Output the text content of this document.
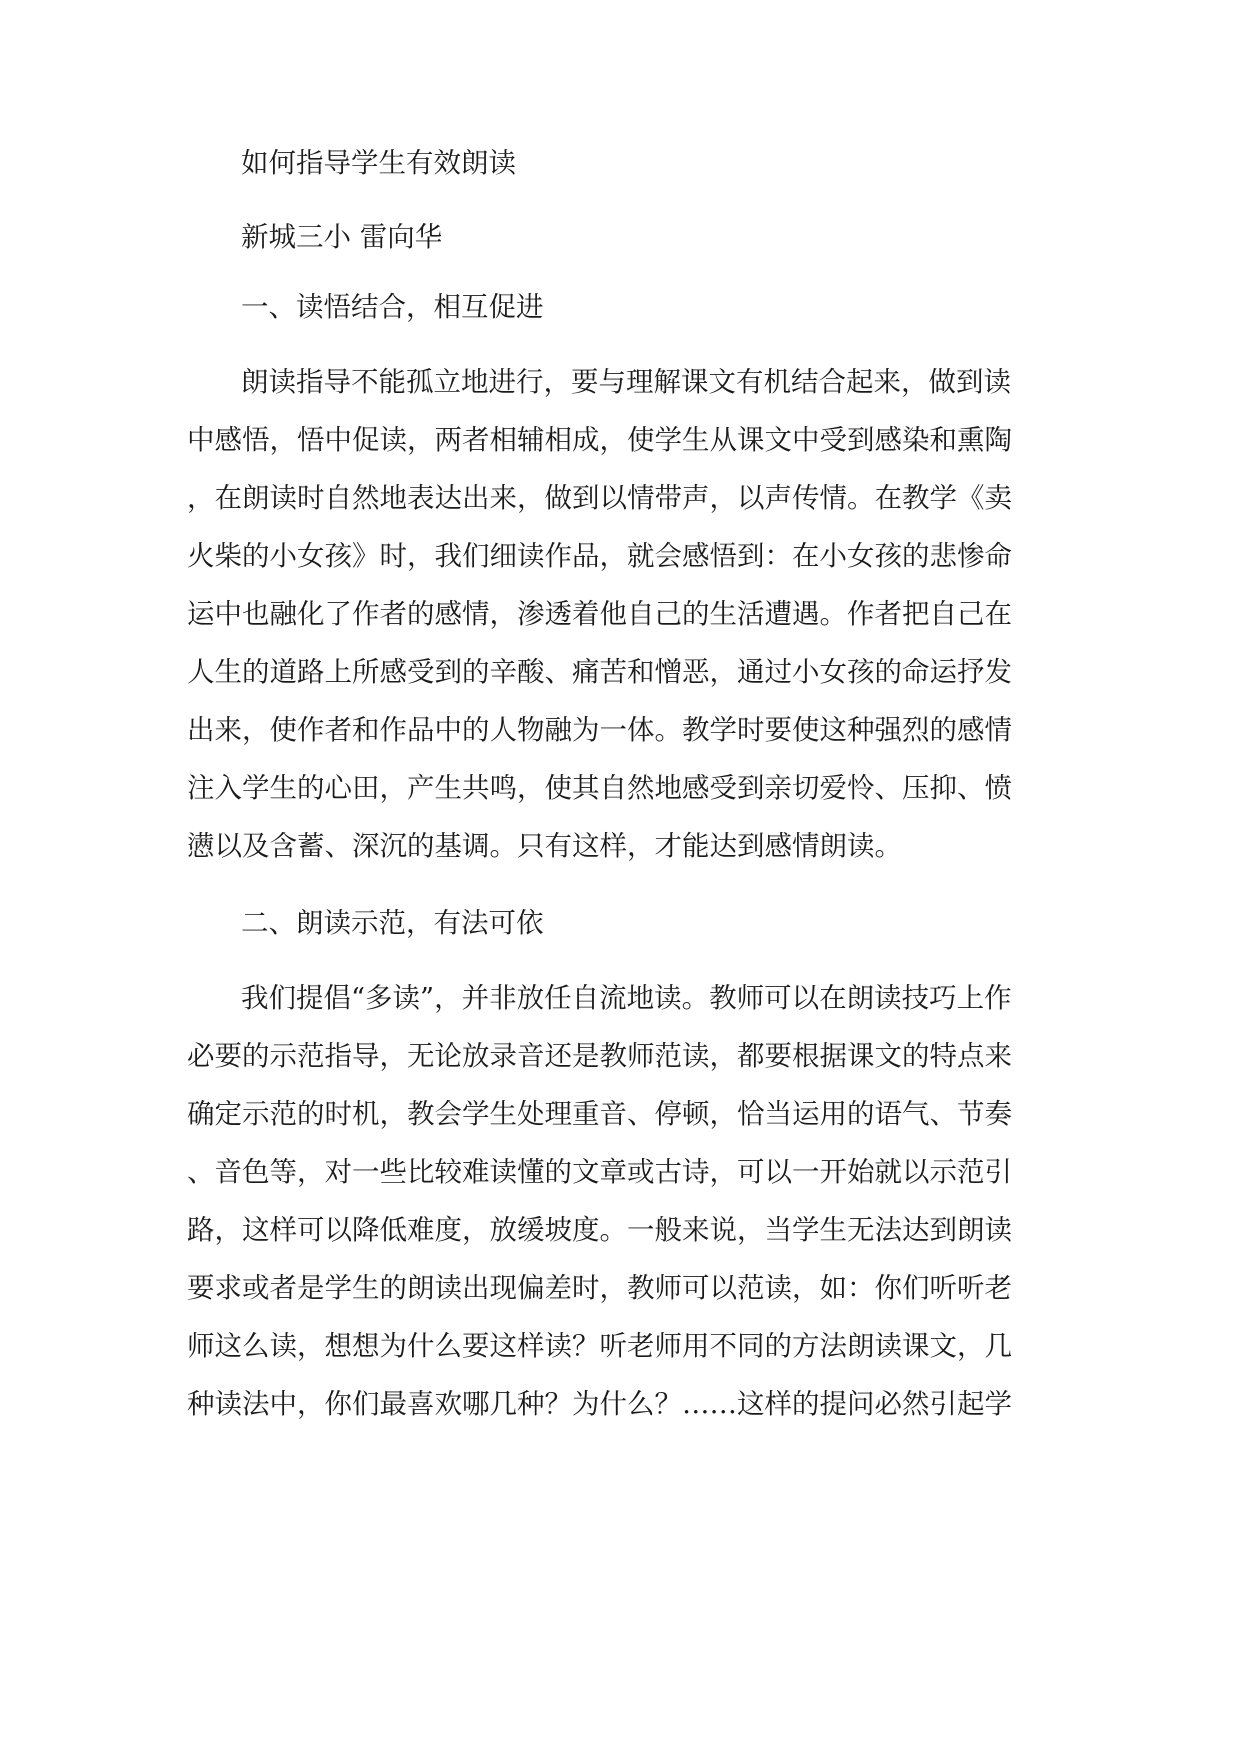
如何指导学生有效朗读
新城三小 雷向华
一、读悟结合，相互促进
朗读指导不能孤立地进行，要与理解课文有机结合起来，做到读
中感悟，悟中促读，两者相辅相成，使学生从课文中受到感染和熏陶
，在朗读时自然地表达出来，做到以情带声，以声传情。在教学《卖
火柴的小女孩》时，我们细读作品，就会感悟到：在小女孩的悲惨命
运中也融化了作者的感情，渗透着他自己的生活遭遇。作者把自己在
人生的道路上所感受到的辛酸、痛苦和憎恶，通过小女孩的命运抒发
出来，使作者和作品中的人物融为一体。教学时要使这种强烈的感情
注入学生的心田，产生共鸣，使其自然地感受到亲切爱怜、压抑、愤
懑以及含蓄、深沉的基调。只有这样，才能达到感情朗读。
二、朗读示范，有法可依
我们提倡“多读”，并非放任自流地读。教师可以在朗读技巧上作
必要的示范指导，无论放录音还是教师范读，都要根据课文的特点来
确定示范的时机，教会学生处理重音、停顿，恰当运用的语气、节奏
、音色等，对一些比较难读懂的文章或古诗，可以一开始就以示范引
路，这样可以降低难度，放缓坡度。一般来说，当学生无法达到朗读
要求或者是学生的朗读出现偏差时，教师可以范读，如：你们听听老
师这么读，想想为什么要这样读？听老师用不同的方法朗读课文，几
种读法中，你们最喜欢哪几种？为什么？……这样的提问必然引起学
